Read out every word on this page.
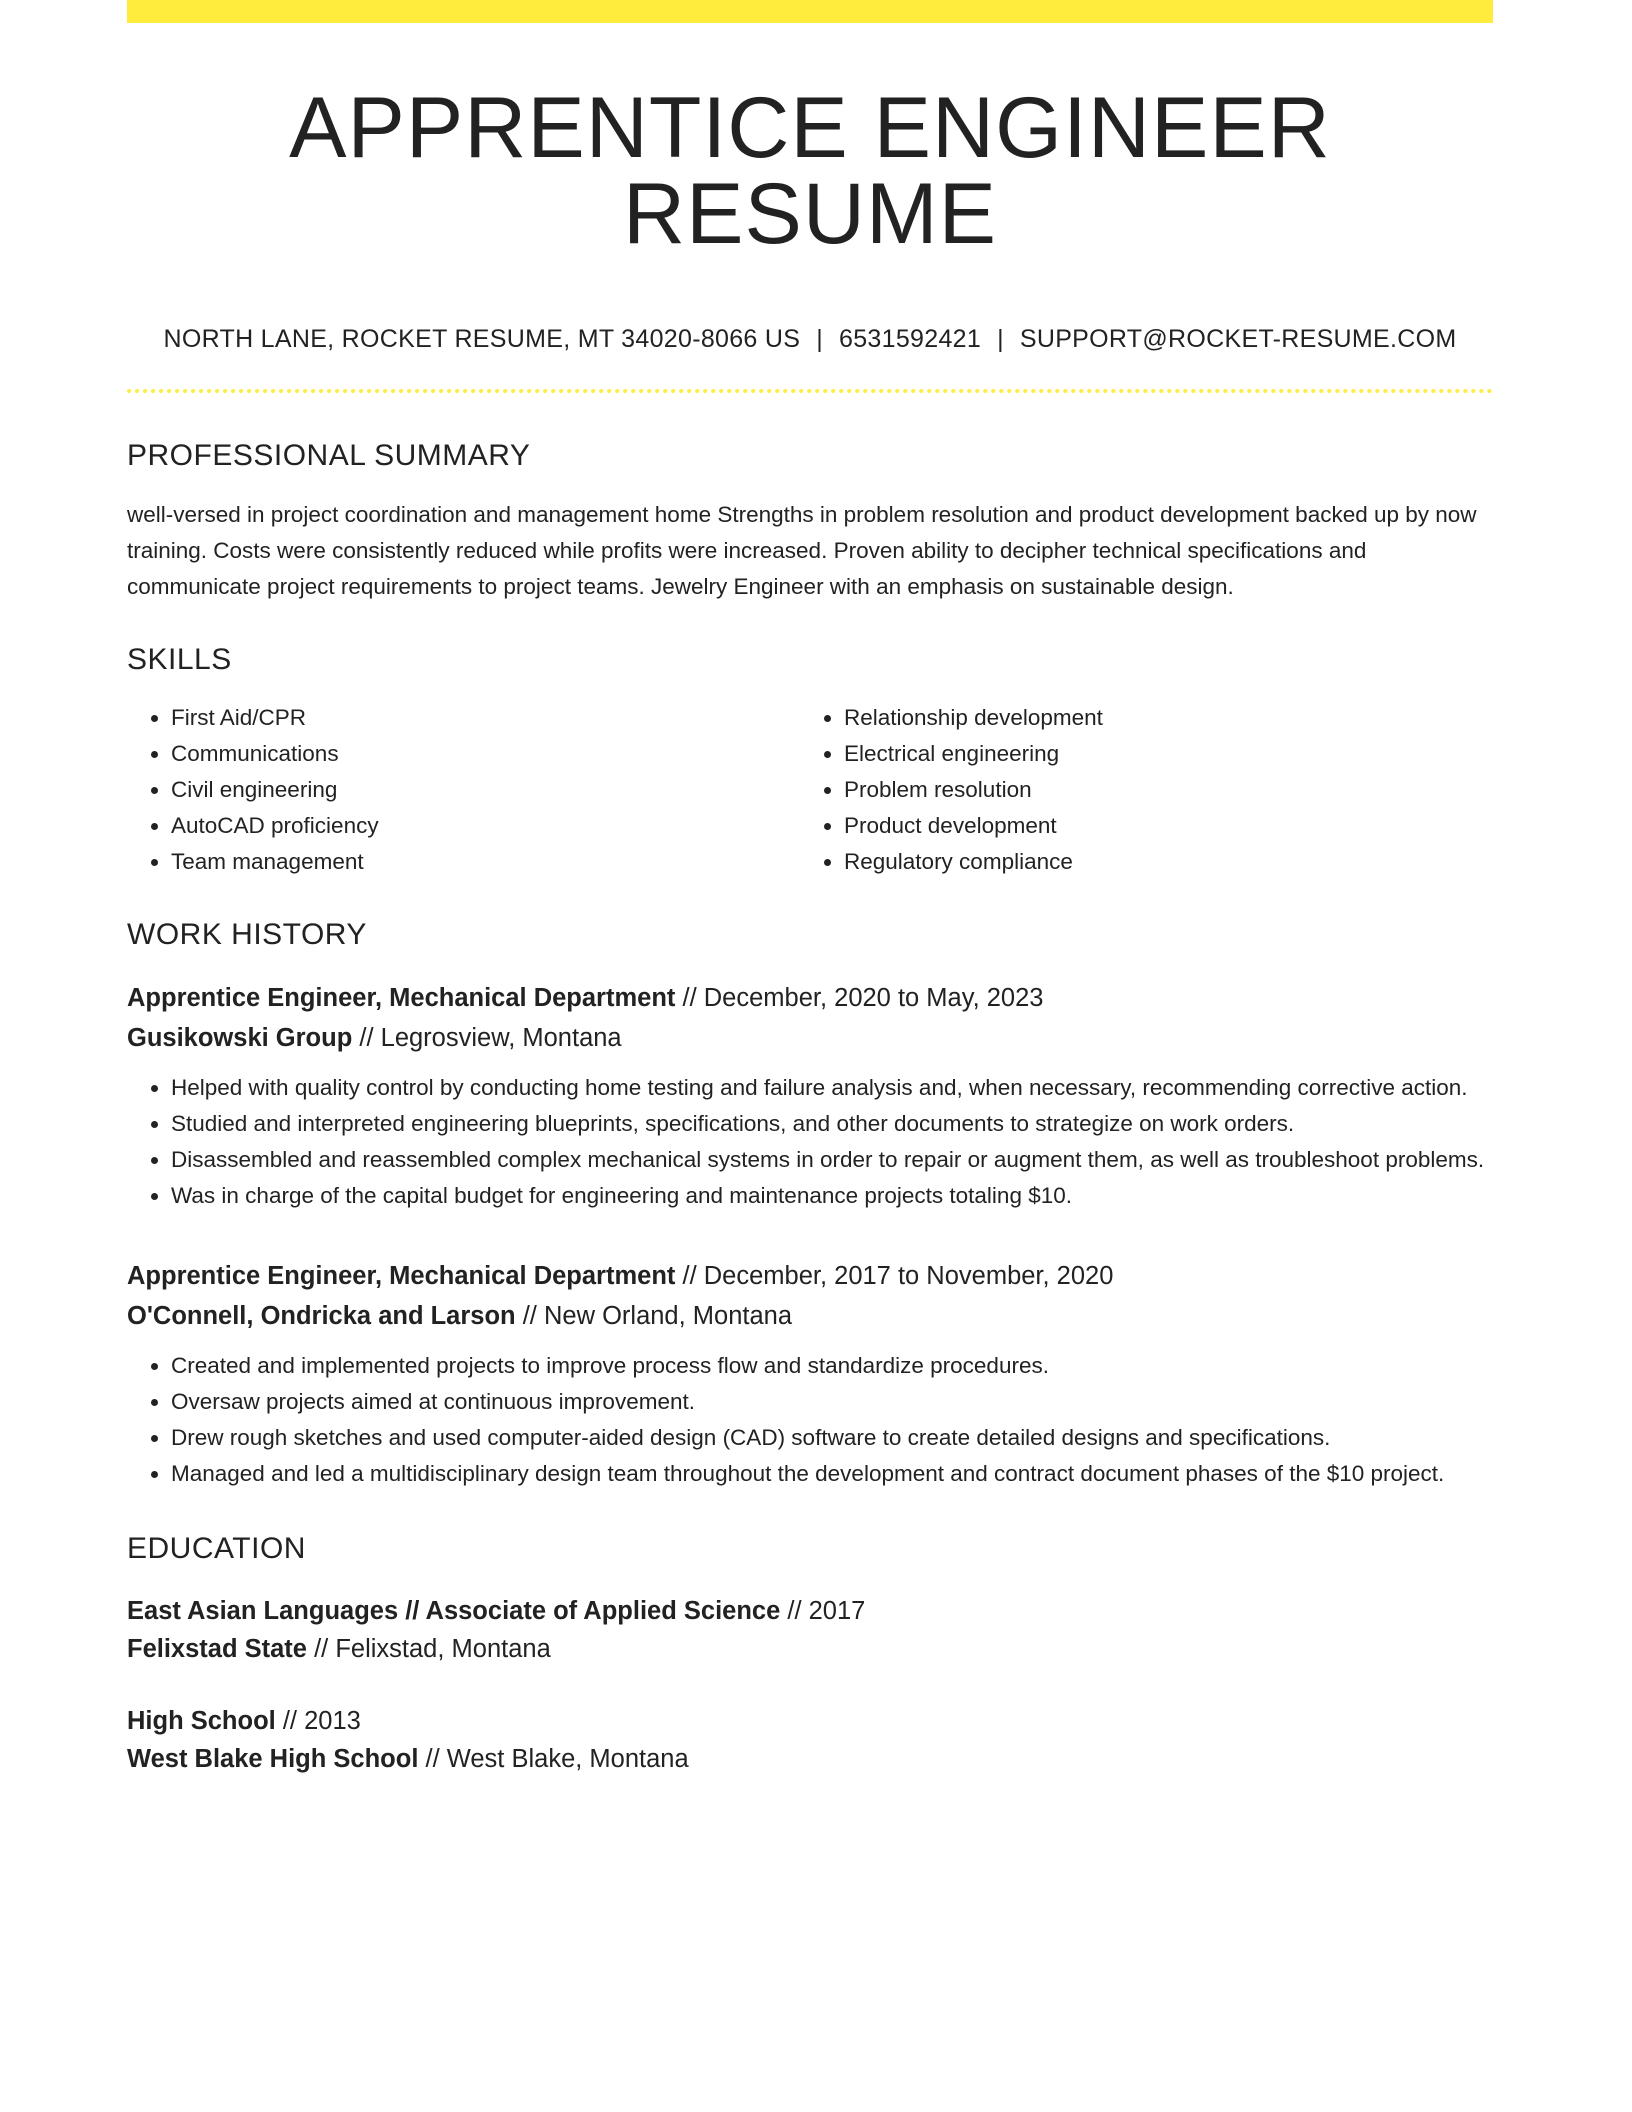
APPRENTICE ENGINEER RESUME
NORTH LANE, ROCKET RESUME, MT 34020-8066 US | 6531592421 | SUPPORT@ROCKET-RESUME.COM
PROFESSIONAL SUMMARY

well-versed in project coordination and management home Strengths in problem resolution and product development backed up by now training. Costs were consistently reduced while profits were increased. Proven ability to decipher technical specifications and communicate project requirements to project teams. Jewelry Engineer with an emphasis on sustainable design.

SKILLS
• First Aid/CPR
• Communications
• Civil engineering
• AutoCAD proficiency
• Team management
• Relationship development
• Electrical engineering
• Problem resolution
• Product development
• Regulatory compliance
WORK HISTORY
Apprentice Engineer, Mechanical Department // December, 2020 to May, 2023
Gusikowski Group // Legrosview, Montana
• Helped with quality control by conducting home testing and failure analysis and, when necessary, recommending corrective action.
• Studied and interpreted engineering blueprints, specifications, and other documents to strategize on work orders.
• Disassembled and reassembled complex mechanical systems in order to repair or augment them, as well as troubleshoot problems.
• Was in charge of the capital budget for engineering and maintenance projects totaling $10.
Apprentice Engineer, Mechanical Department // December, 2017 to November, 2020
O'Connell, Ondricka and Larson // New Orland, Montana
• Created and implemented projects to improve process flow and standardize procedures.
• Oversaw projects aimed at continuous improvement.
• Drew rough sketches and used computer-aided design (CAD) software to create detailed designs and specifications.
• Managed and led a multidisciplinary design team throughout the development and contract document phases of the $10 project.
EDUCATION
East Asian Languages // Associate of Applied Science // 2017
Felixstad State // Felixstad, Montana
High School // 2013
West Blake High School // West Blake, Montana
